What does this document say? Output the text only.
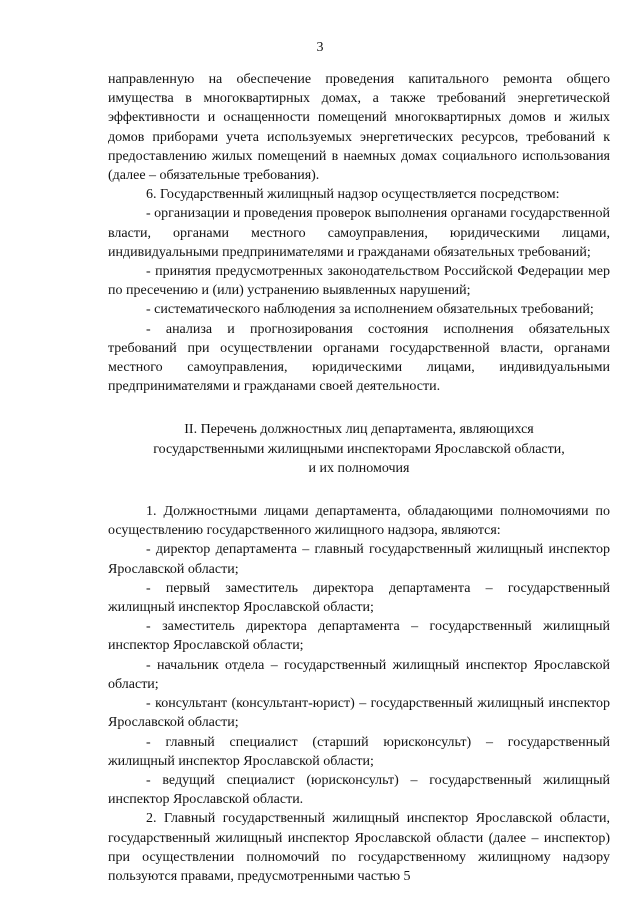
3

направленную на обеспечение проведения капитального ремонта общего имущества в многоквартирных домах, а также требований энергетической эффективности и оснащенности помещений многоквартирных домов и жилых домов приборами учета используемых энергетических ресурсов, требований к предоставлению жилых помещений в наемных домах социального использования (далее – обязательные требования).

6. Государственный жилищный надзор осуществляется посредством:

- организации и проведения проверок выполнения органами государственной власти, органами местного самоуправления, юридическими лицами, индивидуальными предпринимателями и гражданами обязательных требований;

- принятия предусмотренных законодательством Российской Федерации мер по пресечению и (или) устранению выявленных нарушений;

- систематического наблюдения за исполнением обязательных требований;

- анализа и прогнозирования состояния исполнения обязательных требований при осуществлении органами государственной власти, органами местного самоуправления, юридическими лицами, индивидуальными предпринимателями и гражданами своей деятельности.

II. Перечень должностных лиц департамента, являющихся
государственными жилищными инспекторами Ярославской области,
и их полномочия

1. Должностными лицами департамента, обладающими полномочиями по осуществлению государственного жилищного надзора, являются:

- директор департамента – главный государственный жилищный инспектор Ярославской области;

- первый заместитель директора департамента – государственный жилищный инспектор Ярославской области;

- заместитель директора департамента – государственный жилищный инспектор Ярославской области;

- начальник отдела – государственный жилищный инспектор Ярославской области;

- консультант (консультант-юрист) – государственный жилищный инспектор Ярославской области;

- главный специалист (старший юрисконсульт) – государственный жилищный инспектор Ярославской области;

- ведущий специалист (юрисконсульт) – государственный жилищный инспектор Ярославской области.

2. Главный государственный жилищный инспектор Ярославской области, государственный жилищный инспектор Ярославской области (далее – инспектор) при осуществлении полномочий по государственному жилищному надзору пользуются правами, предусмотренными частью 5
